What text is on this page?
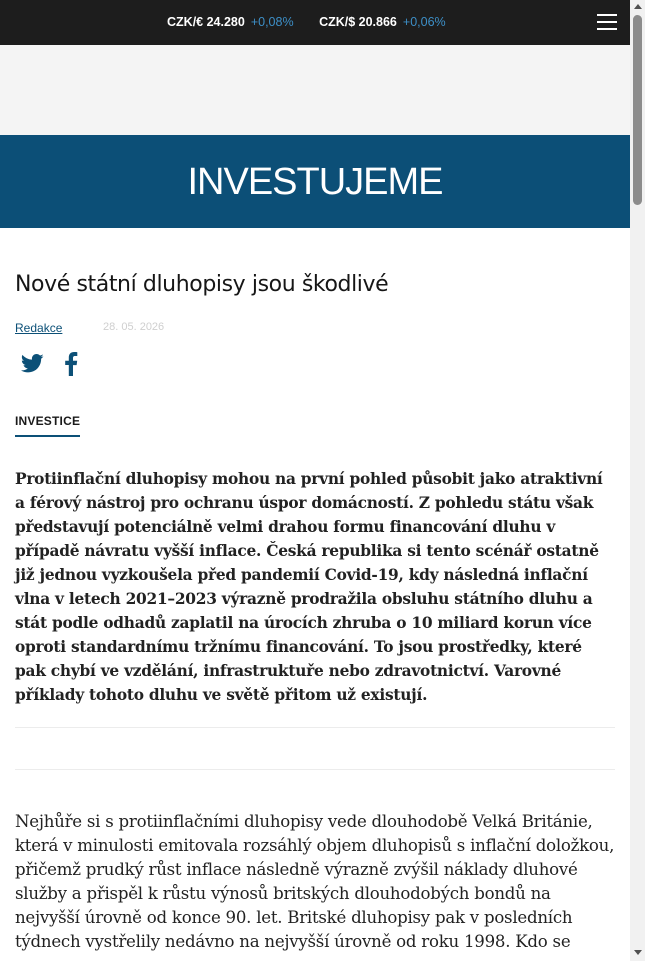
CZK/€ 24.280 +0,08% CZK/$ 20.866 +0,06%
INVESTUJEME
Nové státní dluhopisy jsou škodlivé
Redakce	28. 05. 2026
INVESTICE

Protiinflační dluhopisy mohou na první pohled působit jako atraktivní a férový nástroj pro ochranu úspor domácností. Z pohledu státu však představují potenciálně velmi drahou formu financování dluhu v případě návratu vyšší inflace. Česká republika si tento scénář ostatně již jednou vyzkoušela před pandemií Covid-19, kdy následná inflační vlna v letech 2021–2023 výrazně prodražila obsluhu státního dluhu a stát podle odhadů zaplatil na úrocích zhruba o 10 miliard korun více oproti standardnímu tržnímu financování. To jsou prostředky, které pak chybí ve vzdělání, infrastruktuře nebo zdravotnictví. Varovné příklady tohoto dluhu ve světě přitom už existují.

Nejhůře si s protiinflačními dluhopisy vede dlouhodobě Velká Británie, která v minulosti emitovala rozsáhlý objem dluhopisů s inflační doložkou, přičemž prudký růst inflace následně výrazně zvýšil náklady dluhové služby a přispěl k růstu výnosů britských dlouhodobých bondů na nejvyšší úrovně od konce 90. let. Britské dluhopisy pak v posledních týdnech vystřelily nedávno na nejvyšší úrovně od roku 1998. Kdo se
